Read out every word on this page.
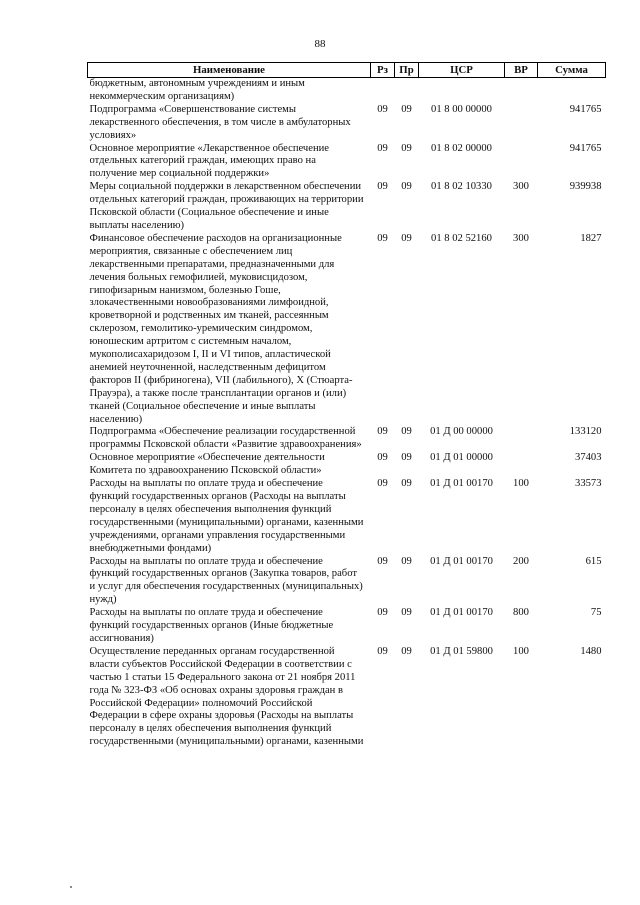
88
Наименование	Рз	Пр	ЦСР	ВР	Сумма
бюджетным, автономным учреждениям и иным некоммерческим организациям)					
Подпрограмма «Совершенствование системы лекарственного обеспечения, в том числе в амбулаторных условиях»	09	09	01 8 00 00000		941765
Основное мероприятие «Лекарственное обеспечение отдельных категорий граждан, имеющих право на получение мер социальной поддержки»	09	09	01 8 02 00000		941765
Меры социальной поддержки в лекарственном обеспечении отдельных категорий граждан, проживающих на территории Псковской области (Социальное обеспечение и иные выплаты населению)	09	09	01 8 02 10330	300	939938
Финансовое обеспечение расходов на организационные мероприятия, связанные с обеспечением лиц лекарственными препаратами, предназначенными для лечения больных гемофилией, муковисцидозом, гипофизарным нанизмом, болезнью Гоше, злокачественными новообразованиями лимфоидной, кроветворной и родственных им тканей, рассеянным склерозом, гемолитико-уремическим синдромом, юношеским артритом с системным началом, мукополисахаридозом I, II и VI типов, апластической анемией неуточненной, наследственным дефицитом факторов II (фибриногена), VII (лабильного), X (Стюарта-Прауэра), а также после трансплантации органов и (или) тканей (Социальное обеспечение и иные выплаты населению)	09	09	01 8 02 52160	300	1827
Подпрограмма «Обеспечение реализации государственной программы Псковской области «Развитие здравоохранения»	09	09	01 Д 00 00000		133120
Основное мероприятие «Обеспечение деятельности Комитета по здравоохранению Псковской области»	09	09	01 Д 01 00000		37403
Расходы на выплаты по оплате труда и обеспечение функций государственных органов (Расходы на выплаты персоналу в целях обеспечения выполнения функций государственными (муниципальными) органами, казенными учреждениями, органами управления государственными внебюджетными фондами)	09	09	01 Д 01 00170	100	33573
Расходы на выплаты по оплате труда и обеспечение функций государственных органов (Закупка товаров, работ и услуг для обеспечения государственных (муниципальных) нужд)	09	09	01 Д 01 00170	200	615
Расходы на выплаты по оплате труда и обеспечение функций государственных органов (Иные бюджетные ассигнования)	09	09	01 Д 01 00170	800	75
Осуществление переданных органам государственной власти субъектов Российской Федерации в соответствии с частью 1 статьи 15 Федерального закона от 21 ноября 2011 года № 323-ФЗ «Об основах охраны здоровья граждан в Российской Федерации» полномочий Российской Федерации в сфере охраны здоровья (Расходы на выплаты персоналу в целях обеспечения выполнения функций государственными (муниципальными) органами, казенными	09	09	01 Д 01 59800	100	1480
